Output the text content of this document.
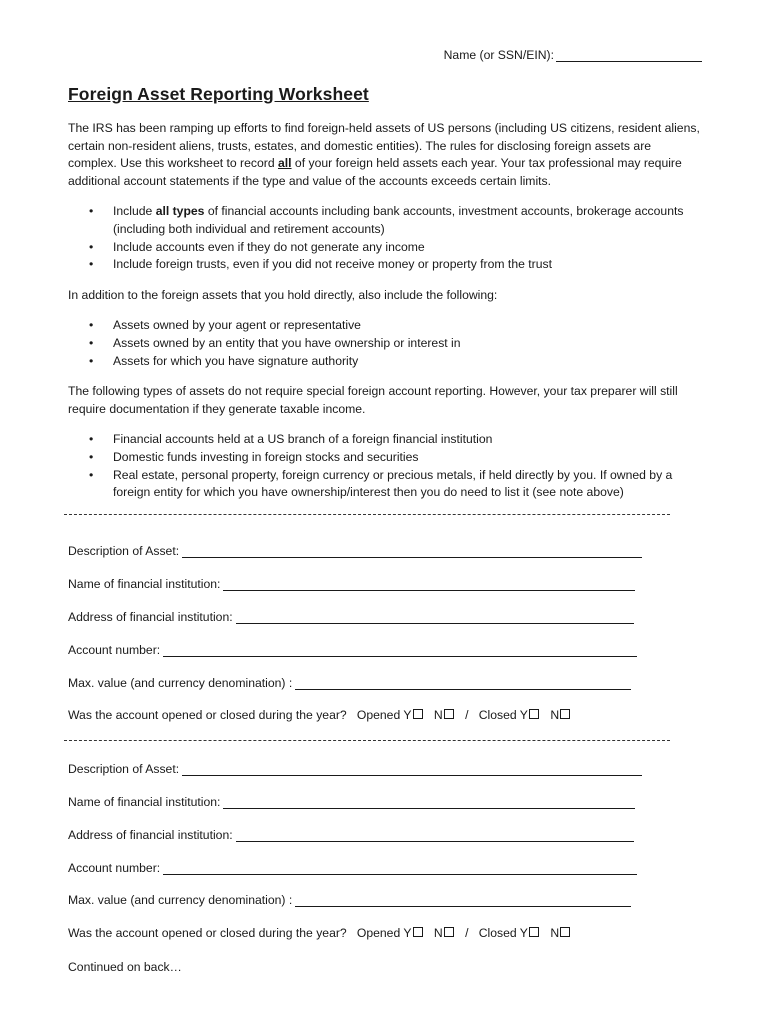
Name (or SSN/EIN):
Foreign Asset Reporting Worksheet

The IRS has been ramping up efforts to find foreign-held assets of US persons (including US citizens, resident aliens, certain non-resident aliens, trusts, estates, and domestic entities). The rules for disclosing foreign assets are complex. Use this worksheet to record all of your foreign held assets each year. Your tax professional may require additional account statements if the type and value of the accounts exceeds certain limits.

• Include all types of financial accounts including bank accounts, investment accounts, brokerage accounts (including both individual and retirement accounts)
• Include accounts even if they do not generate any income
• Include foreign trusts, even if you did not receive money or property from the trust

In addition to the foreign assets that you hold directly, also include the following:

• Assets owned by your agent or representative
• Assets owned by an entity that you have ownership or interest in
• Assets for which you have signature authority

The following types of assets do not require special foreign account reporting. However, your tax preparer will still require documentation if they generate taxable income.

• Financial accounts held at a US branch of a foreign financial institution
• Domestic funds investing in foreign stocks and securities
• Real estate, personal property, foreign currency or precious metals, if held directly by you. If owned by a foreign entity for which you have ownership/interest then you do need to list it (see note above)
Description of Asset:
Name of financial institution:
Address of financial institution:
Account number:
Max. value (and currency denomination) :
Was the account opened or closed during the year? Opened Y N / Closed Y N
Description of Asset:
Name of financial institution:
Address of financial institution:
Account number:
Max. value (and currency denomination) :
Was the account opened or closed during the year? Opened Y N / Closed Y N
Continued on back…
